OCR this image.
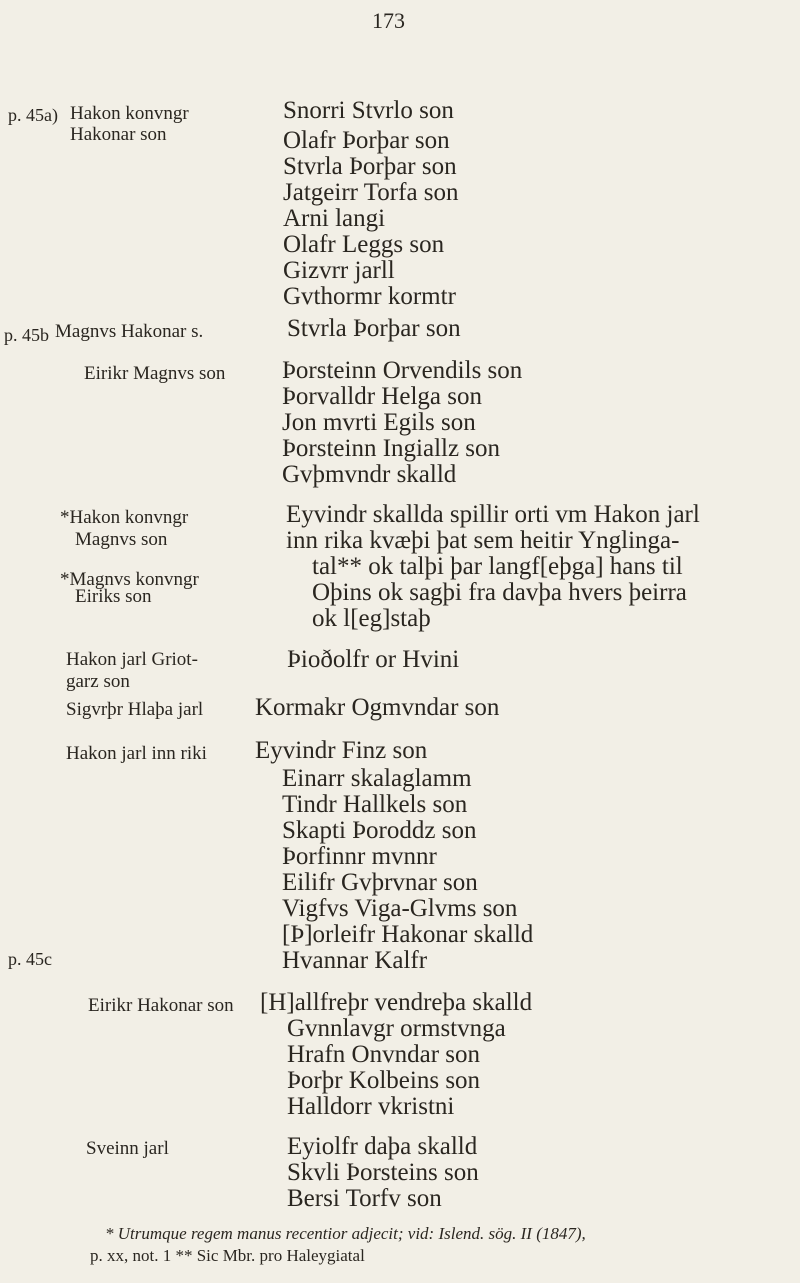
173
p. 45a) Hakon konvngr
Hakonar son
Snorri Stvrlo son
Olafr Þorþar son
Stvrla Þorþar son
Jatgeirr Torfa son
Arni langi
Olafr Leggs son
Gizvrr jarll
Gvthormr kormtr
p. 45b Magnvs Hakonar s.	Stvrla Þorþar son
Eirikr Magnvs son Þorsteinn Orvendils son
Þorvalldr Helga son
Jon mvrti Egils son
Þorsteinn Ingiallz son
Gvþmvndr skalld
*Hakon konvngr
Magnvs son
*Magnvs konvngr
Eiriks son
Eyvindr skallda spillir orti vm Hakon jarl
inn rika kvæþi þat sem heitir Ynglinga-
tal** ok talþi þar langf[eþga] hans til
Oþins ok sagþi fra davþa hvers þeirra
ok l[eg]staþ
Hakon jarl Griot-
garz son
Þioðolfr or Hvini
Sigvrþr Hlaþa jarl Kormakr Ogmvndar son
Hakon jarl inn riki
p. 45c
Eyvindr Finz son
Einarr skalaglamm
Tindr Hallkels son
Skapti Þoroddz son
Þorfinnr mvnnr
Eilifr Gvþrvnar son
Vigfvs Viga-Glvms son
[Þ]orleifr Hakonar skalld
Hvannar Kalfr
Eirikr Hakonar son [H]allfreþr vendreþa skalld
Gvnnlavgr ormstvnga
Hrafn Onvndar son
Þorþr Kolbeins son
Halldorr vkristni
Sveinn jarl	Eyiolfr daþa skalld
Skvli Þorsteins son
Bersi Torfv son
* Utrumque regem manus recentior adjecit; vid: Islend. sög. II (1847),
p. xx, not. 1 ** Sic Mbr. pro Haleygiatal
